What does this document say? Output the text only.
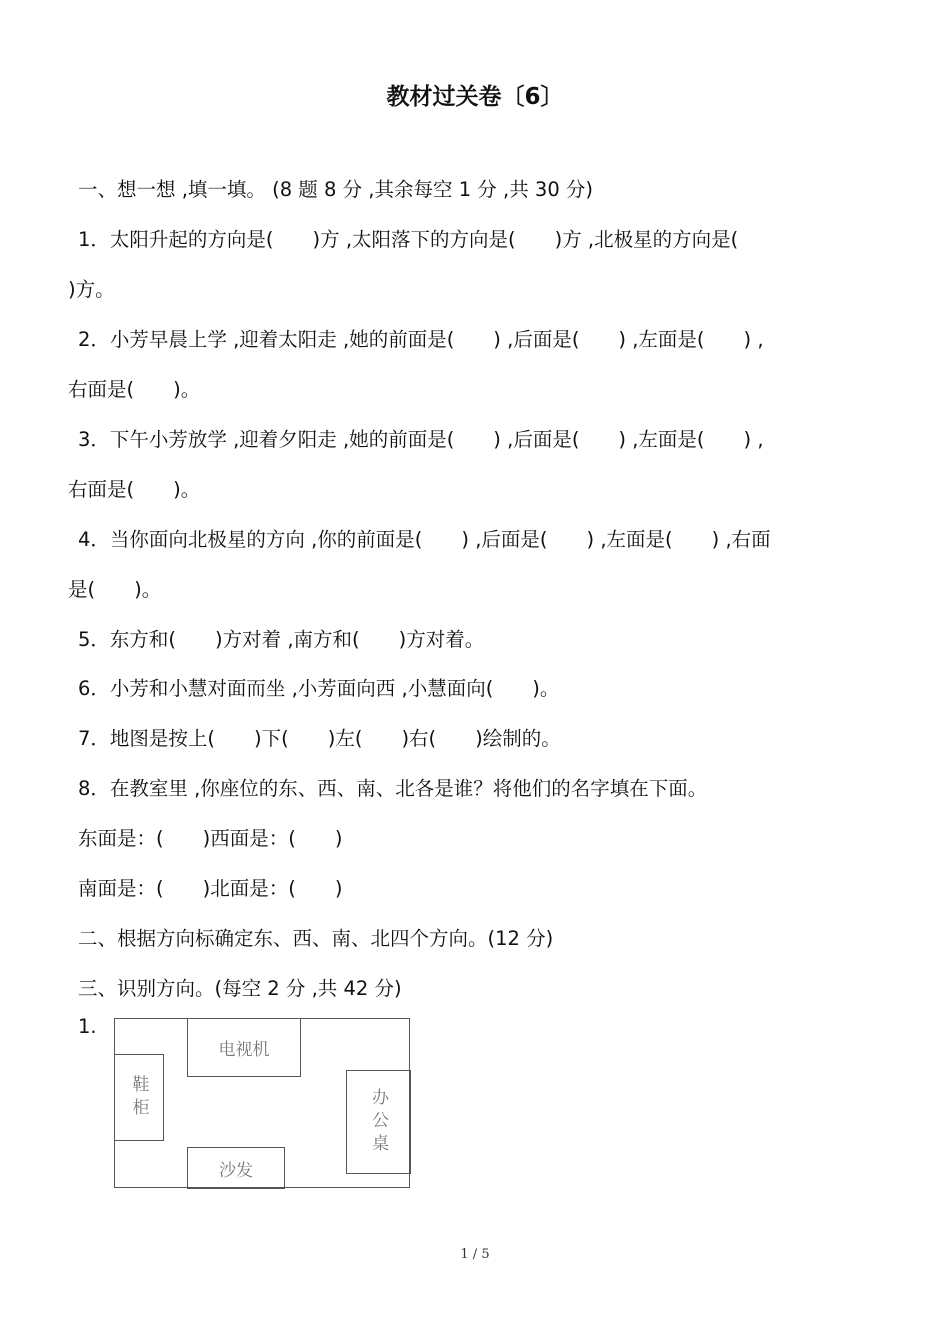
教材过关卷〔6〕
一、想一想 ,填一填。 (8 题 8 分 ,其余每空 1 分 ,共 30 分)
1．太阳升起的方向是(　　)方 ,太阳落下的方向是(　　)方 ,北极星的方向是(
)方。
2．小芳早晨上学 ,迎着太阳走 ,她的前面是(　　) ,后面是(　　) ,左面是(　　) ,
右面是(　　)。
3．下午小芳放学 ,迎着夕阳走 ,她的前面是(　　) ,后面是(　　) ,左面是(　　) ,
右面是(　　)。
4．当你面向北极星的方向 ,你的前面是(　　) ,后面是(　　) ,左面是(　　) ,右面
是(　　)。
5．东方和(　　)方对着 ,南方和(　　)方对着。
6．小芳和小慧对面而坐 ,小芳面向西 ,小慧面向(　　)。
7．地图是按上(　　)下(　　)左(　　)右(　　)绘制的。
8．在教室里 ,你座位的东、西、南、北各是谁？将他们的名字填在下面。
东面是：(　　)西面是：(　　)
南面是：(　　)北面是：(　　)
二、根据方向标确定东、西、南、北四个方向。(12 分)
三、识别方向。(每空 2 分 ,共 42 分)
1.
电视机
鞋柜	办公桌
沙发
1 / 5
